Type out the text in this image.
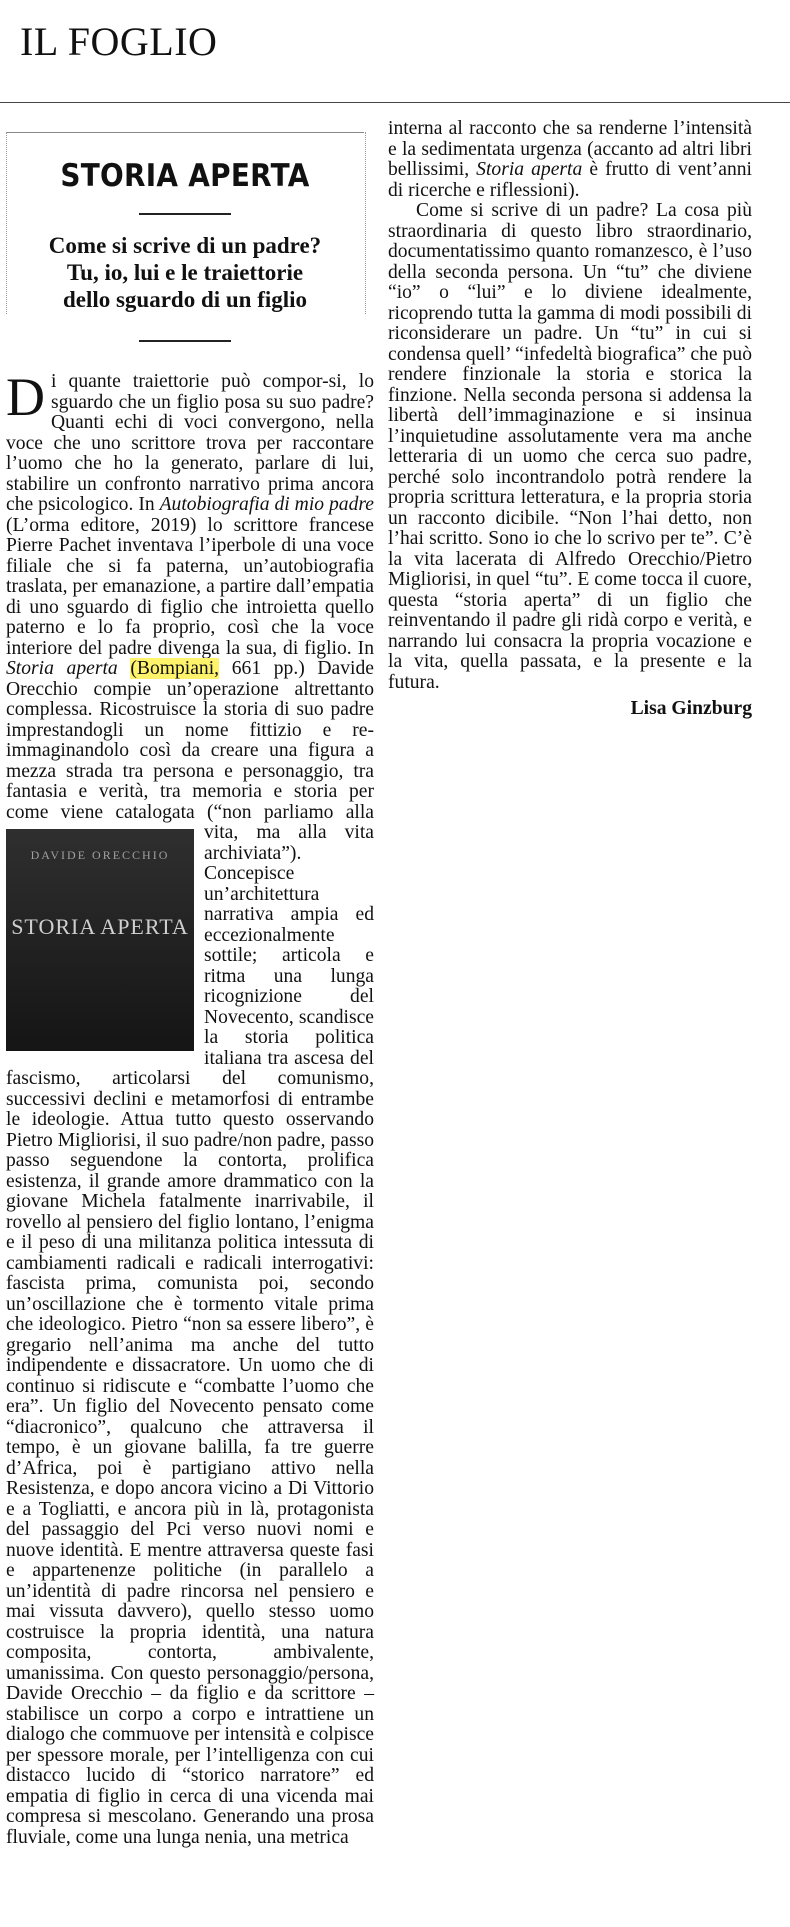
IL FOGLIO
STORIA APERTA
Come si scrive di un padre?
Tu, io, lui e le traiettorie
dello sguardo di un figlio

Di quante traiettorie può compor-si, lo sguardo che un figlio posa su suo padre? Quanti echi di voci convergono, nella voce che uno scrittore trova per raccontare l’uomo che ho la generato, parlare di lui, stabilire un confronto narrativo prima ancora che psicologico. In Autobiografia di mio padre (L’orma editore, 2019) lo scrittore francese Pierre Pachet inventava l’iperbole di una voce filiale che si fa paterna, un’autobiografia traslata, per emanazione, a partire dall’empatia di uno sguardo di figlio che introietta quello paterno e lo fa proprio, così che la voce interiore del padre divenga la sua, di figlio. In Storia aperta (Bompiani, 661 pp.) Davide Orecchio compie un’operazione altrettanto complessa. Ricostruisce la storia di suo padre imprestandogli un nome fittizio e re-immaginandolo così da creare una figura a mezza strada tra persona e personaggio, tra fantasia e verità, tra memoria e storia per come viene catalogata (“non parliamo alla vita,
DAVIDE ORECCHIO
STORIA APERTA
ma alla vita archiviata”). Concepisce un’architettura narrativa ampia ed eccezionalmente sottile; articola e ritma una lunga ricognizione del Novecento, scandisce la storia politica italiana tra ascesa del fascismo, articolarsi del comunismo, successivi declini e metamorfosi di entrambe le ideologie. Attua tutto questo osservando Pietro Migliorisi, il suo padre/non padre, passo passo seguendone la contorta, prolifica esistenza, il grande amore drammatico con la giovane Michela fatalmente inarrivabile, il rovello al pensiero del figlio lontano, l’enigma e il peso di una militanza politica intessuta di cambiamenti radicali e radicali interrogativi: fascista prima, comunista poi, secondo un’oscillazione che è tormento vitale prima che ideologico. Pietro “non sa essere libero”, è gregario nell’anima ma anche del tutto indipendente e dissacratore. Un uomo che di continuo si ridiscute e “combatte l’uomo che era”. Un figlio del Novecento pensato come “diacronico”, qualcuno che attraversa il tempo, è un giovane balilla, fa tre guerre d’Africa, poi è partigiano attivo nella Resistenza, e dopo ancora vicino a Di Vittorio e a Togliatti, e ancora più in là, protagonista del passaggio del Pci verso nuovi nomi e nuove identità. E mentre attraversa queste fasi e appartenenze politiche (in parallelo a un’identità di padre rincorsa nel pensiero e mai vissuta davvero), quello stesso uomo costruisce la propria identità, una natura composita, contorta, ambivalente, umanissima. Con questo personaggio/persona, Davide Orecchio – da figlio e da scrittore – stabilisce un corpo a corpo e intrattiene un dialogo che commuove per intensità e colpisce per spessore morale, per l’intelligenza con cui distacco lucido di “storico narratore” ed empatia di figlio in cerca di una vicenda mai compresa si mescolano. Generando una prosa fluviale, come una lunga nenia, una metrica

interna al racconto che sa renderne l’intensità e la sedimentata urgenza (accanto ad altri libri bellissimi, Storia aperta è frutto di vent’anni di ricerche e riflessioni).

Come si scrive di un padre? La cosa più straordinaria di questo libro straordinario, documentatissimo quanto romanzesco, è l’uso della seconda persona. Un “tu” che diviene “io” o “lui” e lo diviene idealmente, ricoprendo tutta la gamma di modi possibili di riconsiderare un padre. Un “tu” in cui si condensa quell’ “infedeltà biografica” che può rendere finzionale la storia e storica la finzione. Nella seconda persona si addensa la libertà dell’immaginazione e si insinua l’inquietudine assolutamente vera ma anche letteraria di un uomo che cerca suo padre, perché solo incontrandolo potrà rendere la propria scrittura letteratura, e la propria storia un racconto dicibile. “Non l’hai detto, non l’hai scritto. Sono io che lo scrivo per te”. C’è la vita lacerata di Alfredo Orecchio/Pietro Migliorisi, in quel “tu”. E come tocca il cuore, questa “storia aperta” di un figlio che reinventando il padre gli ridà corpo e verità, e narrando lui consacra la propria vocazione e la vita, quella passata, e la presente e la futura.

Lisa Ginzburg
